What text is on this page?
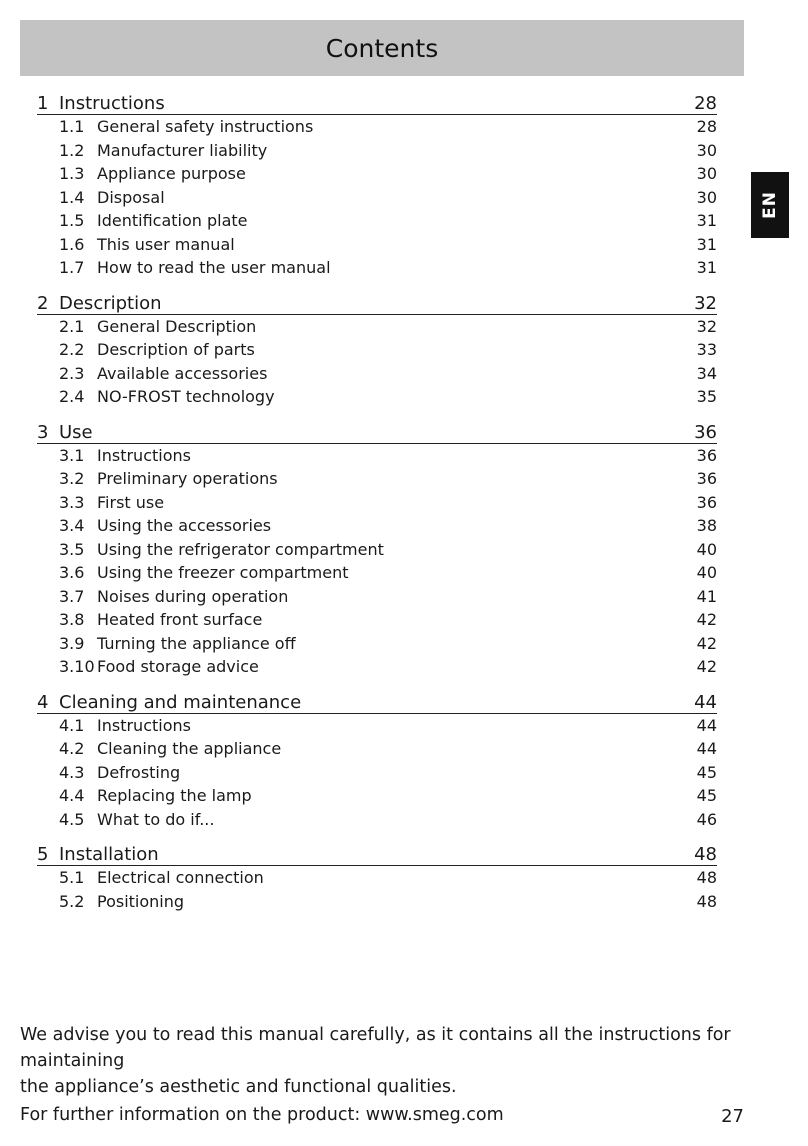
Contents
EN
1 Instructions	28
1.1 General safety instructions	28
1.2 Manufacturer liability	30
1.3 Appliance purpose	30
1.4 Disposal	30
1.5 Identification plate	31
1.6 This user manual	31
1.7 How to read the user manual	31
2 Description	32
2.1 General Description	32
2.2 Description of parts	33
2.3 Available accessories	34
2.4 NO-FROST technology	35
3 Use	36
3.1 Instructions	36
3.2 Preliminary operations	36
3.3 First use	36
3.4 Using the accessories	38
3.5 Using the refrigerator compartment	40
3.6 Using the freezer compartment	40
3.7 Noises during operation	41
3.8 Heated front surface	42
3.9 Turning the appliance off	42
3.10 Food storage advice	42
4 Cleaning and maintenance	44
4.1 Instructions	44
4.2 Cleaning the appliance	44
4.3 Defrosting	45
4.4 Replacing the lamp	45
4.5 What to do if...	46
5 Installation	48
5.1 Electrical connection	48
5.2 Positioning	48

We advise you to read this manual carefully, as it contains all the instructions for maintaining

the appliance’s aesthetic and functional qualities.

For further information on the product: www.smeg.com	27
